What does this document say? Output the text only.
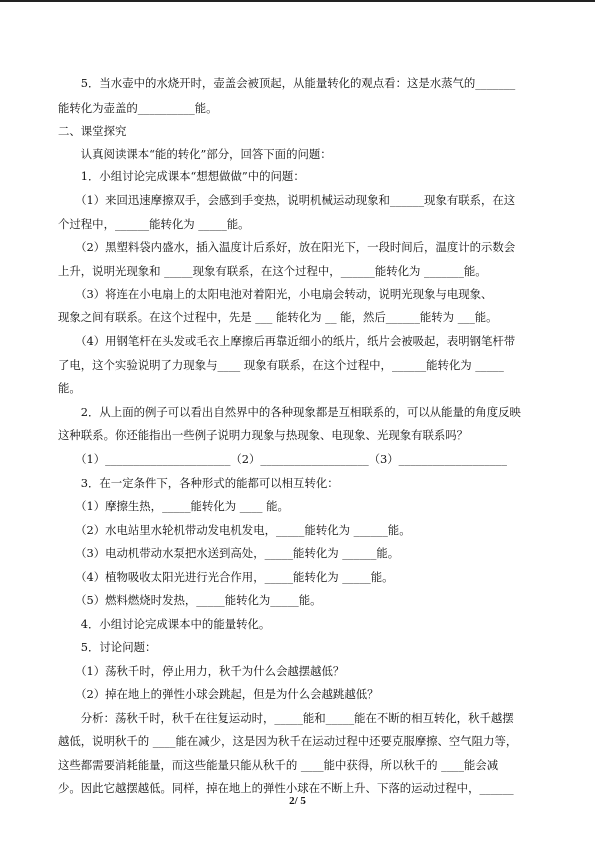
　　5．当水壶中的水烧开时，壶盖会被顶起，从能量转化的观点看：这是水蒸气的_______
能转化为壶盖的__________能。
二、课堂探究
　　认真阅读课本“能的转化”部分，回答下面的问题：
　　1．小组讨论完成课本“想想做做”中的问题：
　　（1）来回迅速摩擦双手，会感到手变热，说明机械运动现象和______现象有联系，在这
个过程中，______能转化为 _____能。
　　（2）黑塑料袋内盛水，插入温度计后系好，放在阳光下，一段时间后，温度计的示数会
上升，说明光现象和 _____现象有联系，在这个过程中，______能转化为 _______能。
　　（3）将连在小电扇上的太阳电池对着阳光，小电扇会转动，说明光现象与电现象、
现象之间有联系。在这个过程中，先是 ___ 能转化为 __ 能，然后______能转为 ___能。
　　（4）用钢笔杆在头发或毛衣上摩擦后再靠近细小的纸片，纸片会被吸起，表明钢笔杆带
了电，这个实验说明了力现象与____ 现象有联系，在这个过程中，______能转化为 _____
能。
　　2．从上面的例子可以看出自然界中的各种现象都是互相联系的，可以从能量的角度反映
这种联系。你还能指出一些例子说明力现象与热现象、电现象、光现象有联系吗？
　　（1）______________________（2）___________________（3）___________________
　　3．在一定条件下，各种形式的能都可以相互转化：
　　（1）摩擦生热，_____能转化为 ____ 能。
　　（2）水电站里水轮机带动发电机发电，_____能转化为 ______能。
　　（3）电动机带动水泵把水送到高处，_____能转化为 ______能。
　　（4）植物吸收太阳光进行光合作用，_____能转化为 _____能。
　　（5）燃料燃烧时发热，_____能转化为_____能。
　　4．小组讨论完成课本中的能量转化。
　　5．讨论问题：
　　（1）荡秋千时，停止用力，秋千为什么会越摆越低？
　　（2）掉在地上的弹性小球会跳起，但是为什么会越跳越低？
　　分析：荡秋千时，秋千在往复运动时，_____能和_____能在不断的相互转化，秋千越摆
越低，说明秋千的 ____能在减少，这是因为秋千在运动过程中还要克服摩擦、空气阻力等，
这些都需要消耗能量，而这些能量只能从秋千的 ____能中获得，所以秋千的 ____能会减
少。因此它越摆越低。同样，掉在地上的弹性小球在不断上升、下落的运动过程中，______
2/ 5
